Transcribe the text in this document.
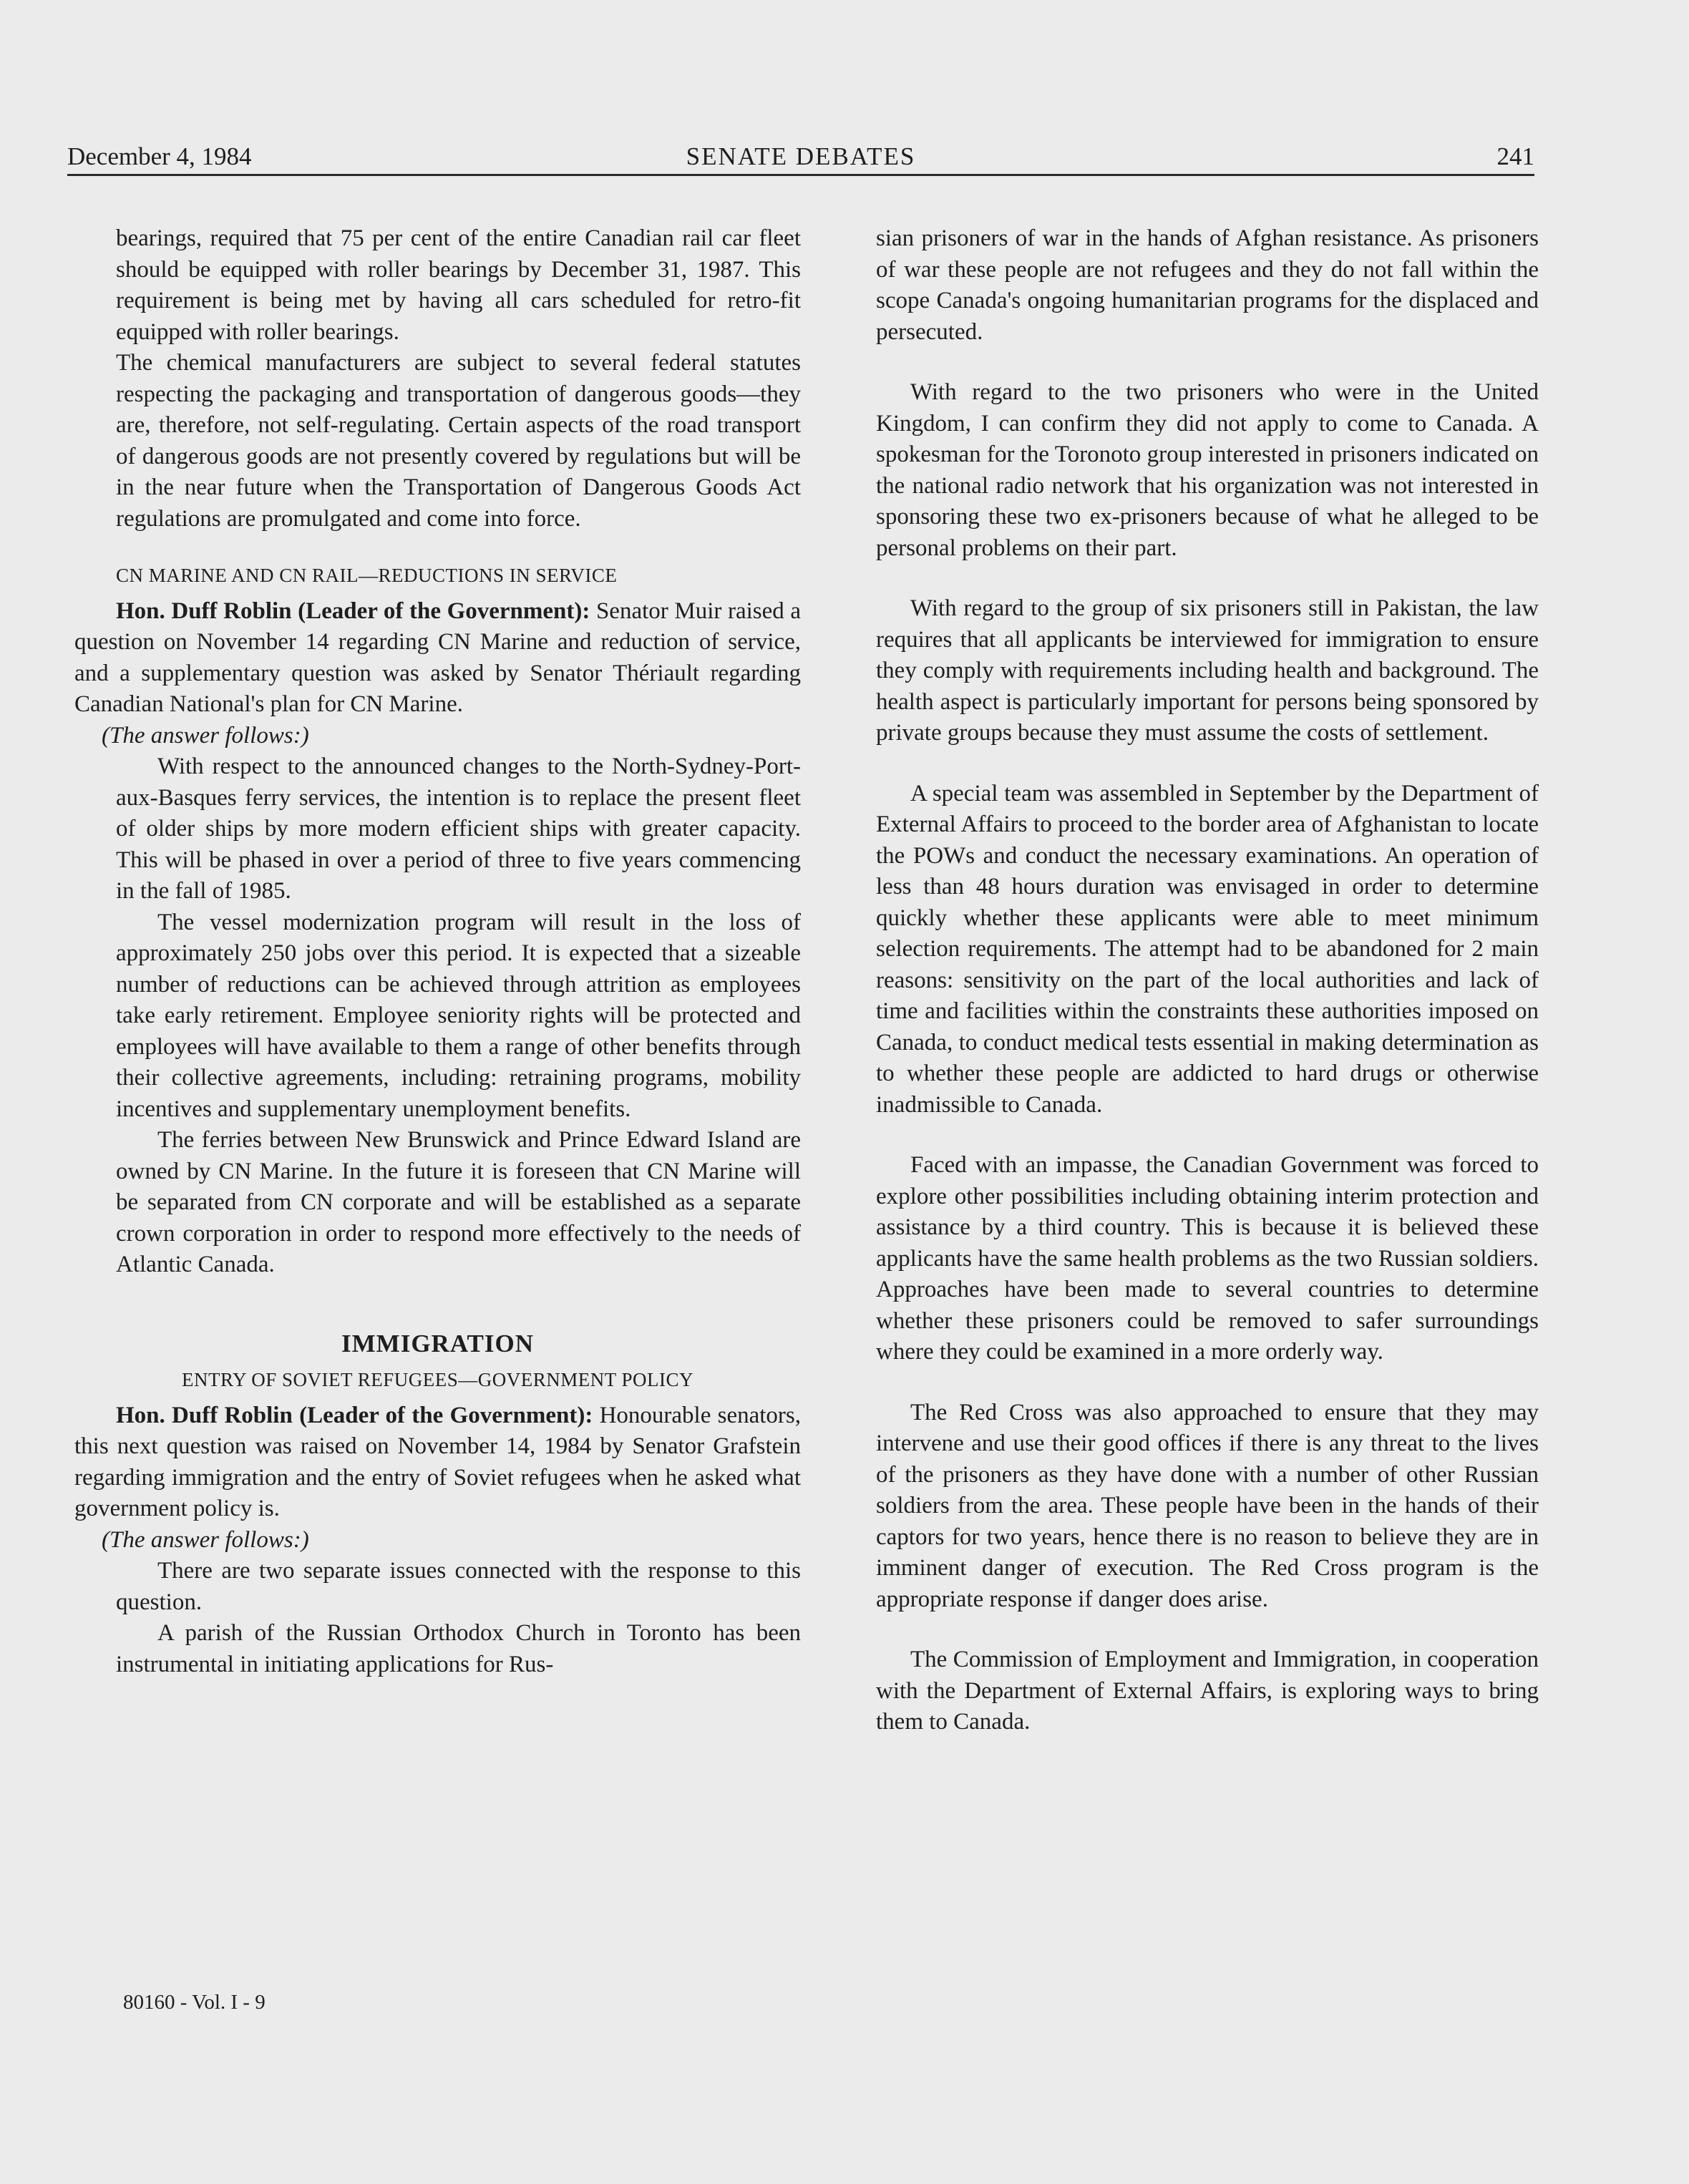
December 4, 1984	SENATE DEBATES	241

bearings, required that 75 per cent of the entire Canadian rail car fleet should be equipped with roller bearings by December 31, 1987. This requirement is being met by having all cars scheduled for retro-fit equipped with roller bearings.

The chemical manufacturers are subject to several federal statutes respecting the packaging and transportation of dangerous goods—they are, therefore, not self-regulating. Certain aspects of the road transport of dangerous goods are not presently covered by regulations but will be in the near future when the Transportation of Dangerous Goods Act regulations are promulgated and come into force.

CN MARINE AND CN RAIL—REDUCTIONS IN SERVICE

Hon. Duff Roblin (Leader of the Government): Senator Muir raised a question on November 14 regarding CN Marine and reduction of service, and a supplementary question was asked by Senator Thériault regarding Canadian National's plan for CN Marine.

(The answer follows:)

With respect to the announced changes to the North-Sydney-Port-aux-Basques ferry services, the intention is to replace the present fleet of older ships by more modern efficient ships with greater capacity. This will be phased in over a period of three to five years commencing in the fall of 1985.

The vessel modernization program will result in the loss of approximately 250 jobs over this period. It is expected that a sizeable number of reductions can be achieved through attrition as employees take early retirement. Employee seniority rights will be protected and employees will have available to them a range of other benefits through their collective agreements, including: retraining programs, mobility incentives and supplementary unemployment benefits.

The ferries between New Brunswick and Prince Edward Island are owned by CN Marine. In the future it is foreseen that CN Marine will be separated from CN corporate and will be established as a separate crown corporation in order to respond more effectively to the needs of Atlantic Canada.

IMMIGRATION
ENTRY OF SOVIET REFUGEES—GOVERNMENT POLICY

Hon. Duff Roblin (Leader of the Government): Honourable senators, this next question was raised on November 14, 1984 by Senator Grafstein regarding immigration and the entry of Soviet refugees when he asked what government policy is.

(The answer follows:)

There are two separate issues connected with the response to this question.

A parish of the Russian Orthodox Church in Toronto has been instrumental in initiating applications for Rus-

sian prisoners of war in the hands of Afghan resistance. As prisoners of war these people are not refugees and they do not fall within the scope Canada's ongoing humanitarian programs for the displaced and persecuted.

With regard to the two prisoners who were in the United Kingdom, I can confirm they did not apply to come to Canada. A spokesman for the Toronoto group interested in prisoners indicated on the national radio network that his organization was not interested in sponsoring these two ex-prisoners because of what he alleged to be personal problems on their part.

With regard to the group of six prisoners still in Pakistan, the law requires that all applicants be interviewed for immigration to ensure they comply with requirements including health and background. The health aspect is particularly important for persons being sponsored by private groups because they must assume the costs of settlement.

A special team was assembled in September by the Department of External Affairs to proceed to the border area of Afghanistan to locate the POWs and conduct the necessary examinations. An operation of less than 48 hours duration was envisaged in order to determine quickly whether these applicants were able to meet minimum selection requirements. The attempt had to be abandoned for 2 main reasons: sensitivity on the part of the local authorities and lack of time and facilities within the constraints these authorities imposed on Canada, to conduct medical tests essential in making determination as to whether these people are addicted to hard drugs or otherwise inadmissible to Canada.

Faced with an impasse, the Canadian Government was forced to explore other possibilities including obtaining interim protection and assistance by a third country. This is because it is believed these applicants have the same health problems as the two Russian soldiers. Approaches have been made to several countries to determine whether these prisoners could be removed to safer surroundings where they could be examined in a more orderly way.

The Red Cross was also approached to ensure that they may intervene and use their good offices if there is any threat to the lives of the prisoners as they have done with a number of other Russian soldiers from the area. These people have been in the hands of their captors for two years, hence there is no reason to believe they are in imminent danger of execution. The Red Cross program is the appropriate response if danger does arise.

The Commission of Employment and Immigration, in cooperation with the Department of External Affairs, is exploring ways to bring them to Canada.

80160 - Vol. I - 9
